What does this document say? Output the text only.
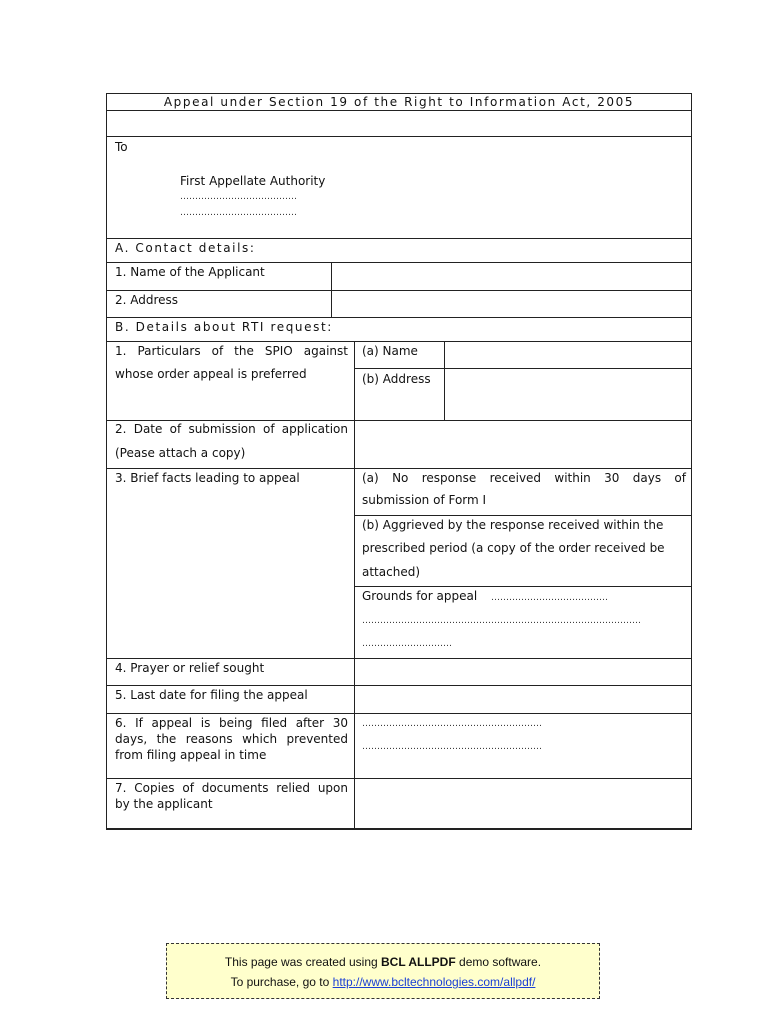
Appeal under Section 19 of the Right to Information Act, 2005
To
First Appellate Authority
…………………………………
…………………………………
A. Contact details:
1. Name of the Applicant
2. Address
B. Details about RTI request:
1. Particulars of the SPIO against
whose order appeal is preferred
(a) Name
(b) Address
2. Date of submission of application
(Pease attach a copy)
3. Brief facts leading to appeal	(a) No response received within 30 days of
submission of Form I
(b) Aggrieved by the response received within the
prescribed period (a copy of the order received be
attached)
Grounds for appeal …………………………………
…………………………………………………………………………………
…………………………
4. Prayer or relief sought
5. Last date for filing the appeal
6. If appeal is being filed after 30
days, the reasons which prevented
from filing appeal in time
……………………………………………………
……………………………………………………
7. Copies of documents relied upon
by the applicant
This page was created using BCL ALLPDF demo software.
To purchase, go to http://www.bcltechnologies.com/allpdf/
